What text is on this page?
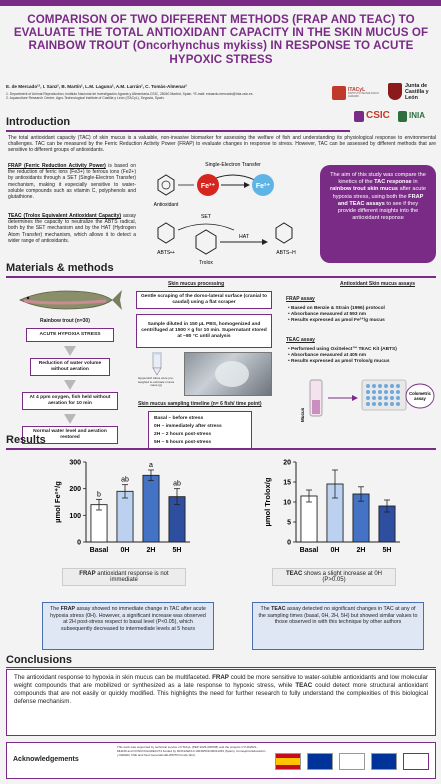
COMPARISON OF TWO DIFFERENT METHODS (FRAP AND TEAC) TO EVALUATE THE TOTAL ANTIOXIDANT CAPACITY IN THE SKIN MUCUS OF RAINBOW TROUT (Oncorhynchus mykiss) IN RESPONSE TO ACUTE HYPOXIC STRESS
E. de Mercado¹², I. Sanz², B. Martín², L.M. Laguna², A.M. Larrán², C. Tomás-Almenar²
1. Department of Animal Reproduction, Instituto Nacional de Investigación Agraria y Alimentaria-CSIC, 28040 Madrid, Spain. *E-mail: eduardo.mercado@inia.csic.es
2. Aquaculture Research Centre, Agro-Technological Institute of Castilla y León (ITACyL), Segovia, Spain.
ITACyL
INSTITUTO TECNOLÓGICO AGRARIO
Junta de Castilla y León
CSIC INIA
Introduction
The total antioxidant capacity (TAC) of skin mucus is a valuable, non-invasive biomarker for assessing the welfare of fish and understanding its physiological response to environmental challenges. TAC can be measured by the Ferric Reduction Activity Power (FRAP) to evaluate changes in response to stress. However, TAC can be assessed by different methods that are sensitive to different groups of antioxidants.
FRAP (Ferric Reduction Activity Power) is based on the reduction of ferric ions (Fe3+) to ferrous ions (Fe2+) by antioxidants through a SET (Single-Electron Transfer) mechanism, making it especially sensitive to water-soluble compounds such as vitamin C, polyphenols and glutathione.
TEAC (Trolox Equivalent Antioxidant Capacity) assay determines the capacity to neutralize the ABTS radical, both by the SET mechanism and by the HAT (Hydrogen Atom Transfer) mechanism, which allows it to detect a wider range of antioxidants.
Single-Electron Transfer
Antioxidant
Fe³⁺	Fe²⁺
SET
ABTS•+
Trolox
HAT
ABTS–H
The aim of this study was compare the kinetics of the TAC response in rainbow trout skin mucus after acute hypoxia stress, using both the FRAP and TEAC assays to see if they provide different insights into the antioxidant response
Materials & methods
Rainbow trout (n=30)
ACUTE HYPOXIA STRESS
Reduction of water volume without aeration
At 4 ppm oxygen, fish held without aeration for 10 min
Normal water level and aeration restored
Skin mucus processing
Gentle scraping of the dorso-lateral surface (cranial to caudal) using a flat scraper
Sample diluted in 150 µL PBS, homogenized and centrifuged at 1500 × g for 10 min. Supernatant stored at −80 °C until analysis
Eppendorf tubes were pre-weighed to estimate mucus mass (g)
Skin mucus sampling timeline (n= 6 fish/ time point)
Basal – before stress
0H – immediately after stress
2H – 2 hours post-stress
5H – 5 hours post-stress
Antioxidant Skin mucus assays
FRAP assay
• Based on Benzie & Strain (1996) protocol
• Absorbance measured at 593 nm
• Results expressed as µmol Fe²⁺/g mucus
TEAC assay
• Performed using OxiSelect™ TEAC Kit (ABTS)
• Absorbance measured at 405 nm
• Results expressed as µmol Trolox/g mucus
Colometric
assay
Mucus
Results
0
100
200
300
µmol Fe²⁺/g	b
Basal
ab
0H
a
2H
ab
5H
0
5
10
15
20
µmol Trolox/g
Basal 0H 2H 5H
FRAP antioxidant response is not immediate
TEAC shows a slight increase at 0H (P>0.05)
The FRAP assay showed no immediate change in TAC after acute hypoxia stress (0H). However, a significant increase was observed at 2H post-stress respect to basal level (P<0.05), which subsequently decreased to intermediate levels at 5 hours
The TEAC assay detected no significant changes in TAC at any of the sampling times (basal, 0H, 2H, 5H) but showed similar values to those observed in with this technique by other authors
Conclusions
The antioxidant response to hypoxia in skin mucus can be multifaceted. FRAP could be more sensitive to water-soluble antioxidants and low molecular weight compounds that are mobilized or synthesized as a late response to hypoxic stress, while TEAC could detect more structural antioxidant compounds that are not easily or quickly modified. This highlights the need for further research to fully understand the complexities of this biological defense mechanism.
Acknowledgements
This work was supported by technical service of ITACyL (PEP 2025-000538) and the projects CYUD2021-MH049 and CONCI/CGGRECI/74 funded by MCIN/AEI/10.13039/501100011033 (Spain), Consejería Educación y FEDER, FSE and Next GenerationEU/PRTR Funds (EU).
